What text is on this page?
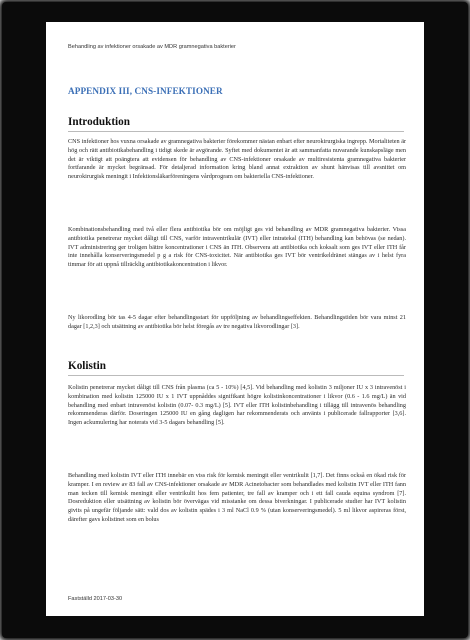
Behandling av infektioner orsakade av MDR gramnegativa bakterier
APPENDIX III, CNS-INFEKTIONER
Introduktion
CNS infektioner hos vuxna orsakade av gramnegativa bakterier förekommer nästan enbart efter neurokirurgiska ingrepp. Mortaliteten är hög och rätt antibiotikabehandling i tidigt skede är avgörande. Syftet med dokumentet är att sammanfatta nuvarande kunskapsläge men det är viktigt att poängtera att evidensen för behandling av CNS-infektioner orsakade av multiresistenta gramnegativa bakterier fortfarande är mycket begränsad. För detaljerad information kring bland annat extraktion av shunt hänvisas till avsnittet om neurokirurgisk meningit i Infektionsläkarföreningens vårdprogram om bakteriella CNS-infektioner.
Kombinationsbehandling med två eller flera antibiotika bör om möjligt ges vid behandling av MDR gramnegativa bakterier. Vissa antibiotika penetrerar mycket dåligt till CNS, varför intraventrikulär (IVT) eller intratekal (ITH) behandling kan behövas (se nedan). IVT administrering ger troligen bättre koncentrationer i CNS än ITH. Observera att antibiotika och koksalt som ges IVT eller ITH får inte innehålla konserveringsmedel p g a risk för CNS-toxicitet. När antibiotika ges IVT bör ventrikeldränet stängas av i helst fyra timmar för att uppnå tillräcklig antibiotikakoncentration i likvor.
Ny likorodling bör tas 4-5 dagar efter behandlingsstart för uppföljning av behandlingseffekten. Behandlingstiden bör vara minst 21 dagar [1,2,3] och utsättning av antibiotika bör helst föregås av tre negativa likvorodlingar [3].
Kolistin
Kolistin penetrerar mycket dåligt till CNS från plasma (ca 5 - 10%) [4,5]. Vid behandling med kolistin 3 miljoner IU x 3 intravenöst i kombination med kolistin 125000 IU x 1 IVT uppnåddes signifikant högre kolistinkoncentrationer i likvor (0.6 - 1.6 mg/L) än vid behandling med enbart intravenöst kolistin (0.07- 0.3 mg/L) [5]. IVT eller ITH kolistinbehandling i tillägg till intravenös behandling rekommenderas därför. Doseringen 125000 IU en gång dagligen har rekommenderats och använts i publicerade fallrapporter [3,6]. Ingen ackumulering har noterats vid 3-5 dagars behandling [5].
Behandling med kolistin IVT eller ITH innebär en viss risk för kemisk meningit eller ventrikulit [1,7]. Det finns också en ökad risk för kramper. I en review av 83 fall av CNS-infektioner orsakade av MDR Acinetobacter som behandlades med kolistin IVT eller ITH fann man tecken till kemisk meningit eller ventrikulit hos fem patienter, tre fall av kramper och i ett fall cauda equina syndrom [7]. Dosreduktion eller utsättning av kolistin bör övervägas vid misstanke om dessa biverkningar. I publicerade studier har IVT kolistin givits på ungefär följande sätt: vald dos av kolistin spädes i 3 ml NaCl 0.9 % (utan konserveringsmedel). 5 ml likvor aspireras först, därefter gavs kolistinet som en bolus
Fastställd 2017-03-30
